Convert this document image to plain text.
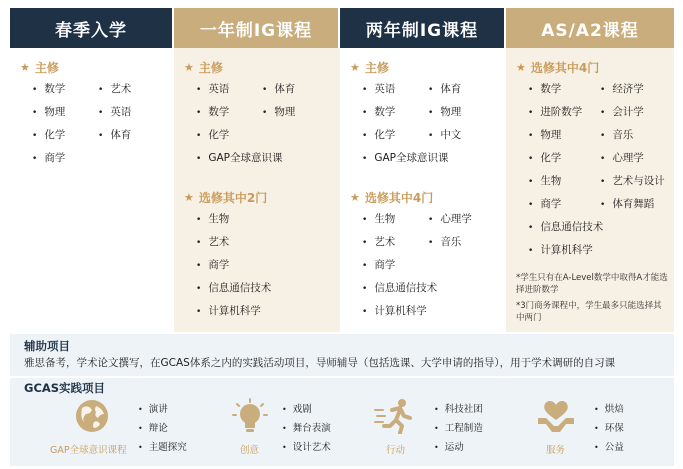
春季入学	一年制IG课程	两年制IG课程	AS/A2课程
★ 主修
• 数学	• 艺术
• 物理	• 英语
• 化学	• 体育
• 商学
★ 主修
• 英语	• 体育
• 数学	• 物理
• 化学
• GAP全球意识课
★ 选修其中2门
• 生物
• 艺术
• 商学
• 信息通信技术
• 计算机科学
★ 主修
• 英语	• 体育
• 数学	• 物理
• 化学	• 中文
• GAP全球意识课
★ 选修其中4门
• 生物	• 心理学
• 艺术	• 音乐
• 商学
• 信息通信技术
• 计算机科学
★ 选修其中4门
• 数学	• 经济学
• 进阶数学	• 会计学
• 物理	• 音乐
• 化学	• 心理学
• 生物	• 艺术与设计
• 商学	• 体育舞蹈
• 信息通信技术
• 计算机科学
*学生只有在A-Level数学中取得A才能选择进阶数学
*3门商务课程中，学生最多只能选择其中两门
辅助项目
雅思备考，学术论文撰写，在GCAS体系之内的实践活动项目，导师辅导（包括选课、大学申请的指导），用于学术调研的自习课
GCAS实践项目
GAP全球意识课程
• 演讲
• 辩论
• 主题探究	创意
• 戏剧
• 舞台表演
• 设计艺术	行动
• 科技社团
• 工程制造
• 运动	服务
• 烘焙
• 环保
• 公益
